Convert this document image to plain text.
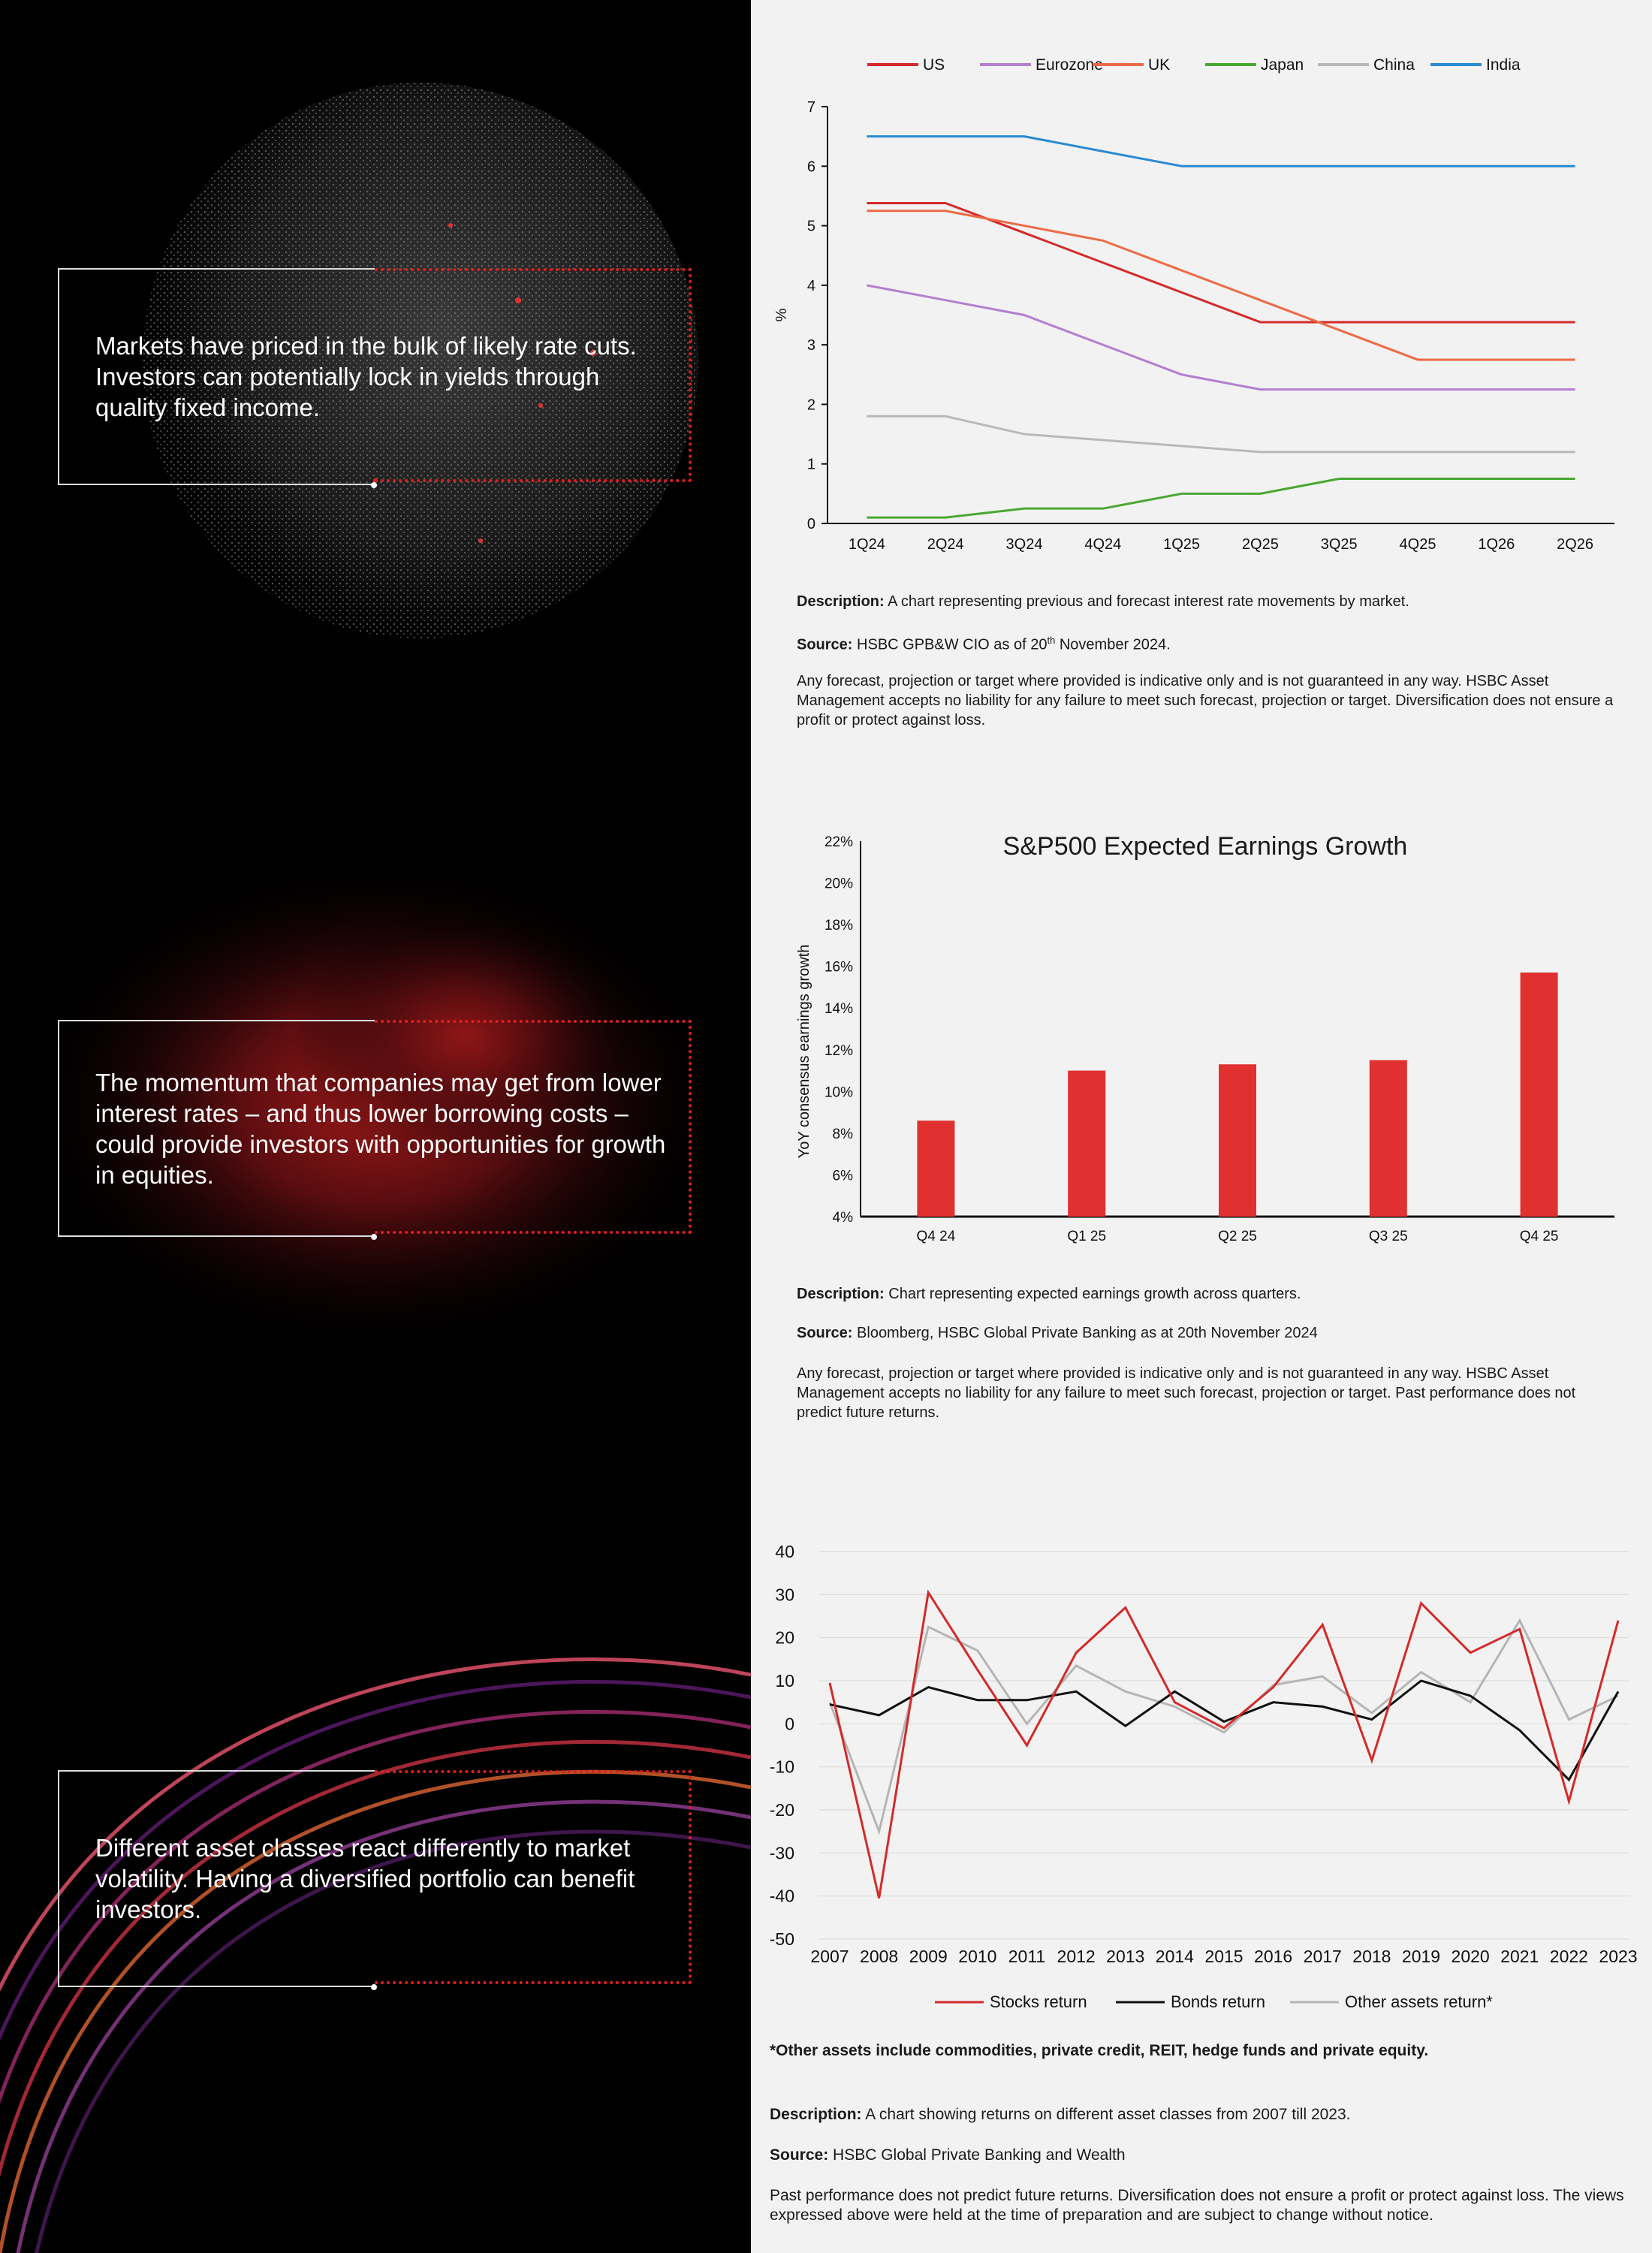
Markets have priced in the bulk of likely rate cuts. Investors can potentially lock in yields through quality fixed income.
The momentum that companies may get from lower interest rates – and thus lower borrowing costs – could provide investors with opportunities for growth in equities.
Different asset classes react differently to market volatility. Having a diversified portfolio can benefit investors.
0
1
2
3
4
5
6
7
1Q24	2Q24	3Q24	4Q24	1Q25	2Q25	3Q25	4Q25	1Q26	2Q26
%
US	Eurozone	UK	Japan	China	India
Description: A chart representing previous and forecast interest rate movements by market.
Source: HSBC GPB&W CIO as of 20th November 2024.
Any forecast, projection or target where provided is indicative only and is not guaranteed in any way. HSBC Asset Management accepts no liability for any failure to meet such forecast, projection or target. Diversification does not ensure a profit or protect against loss.
S&P500 Expected Earnings Growth
4%
6%
8%
10%
12%
14%
16%
18%
20%
22%
YoY consensus earnings growth
Q4 24	Q1 25	Q2 25	Q3 25	Q4 25
Description: Chart representing expected earnings growth across quarters.
Source: Bloomberg, HSBC Global Private Banking as at 20th November 2024
Any forecast, projection or target where provided is indicative only and is not guaranteed in any way. HSBC Asset Management accepts no liability for any failure to meet such forecast, projection or target. Past performance does not predict future returns.
40
30
20
10
0
-10
-20
-30
-40
-50
2007 2008 2009 2010 2011 2012 2013 2014 2015 2016 2017 2018 2019 2020 2021 2022 2023
Stocks return	Bonds return	Other assets return*
*Other assets include commodities, private credit, REIT, hedge funds and private equity.
Description: A chart showing returns on different asset classes from 2007 till 2023.
Source: HSBC Global Private Banking and Wealth
Past performance does not predict future returns. Diversification does not ensure a profit or protect against loss. The views expressed above were held at the time of preparation and are subject to change without notice.
